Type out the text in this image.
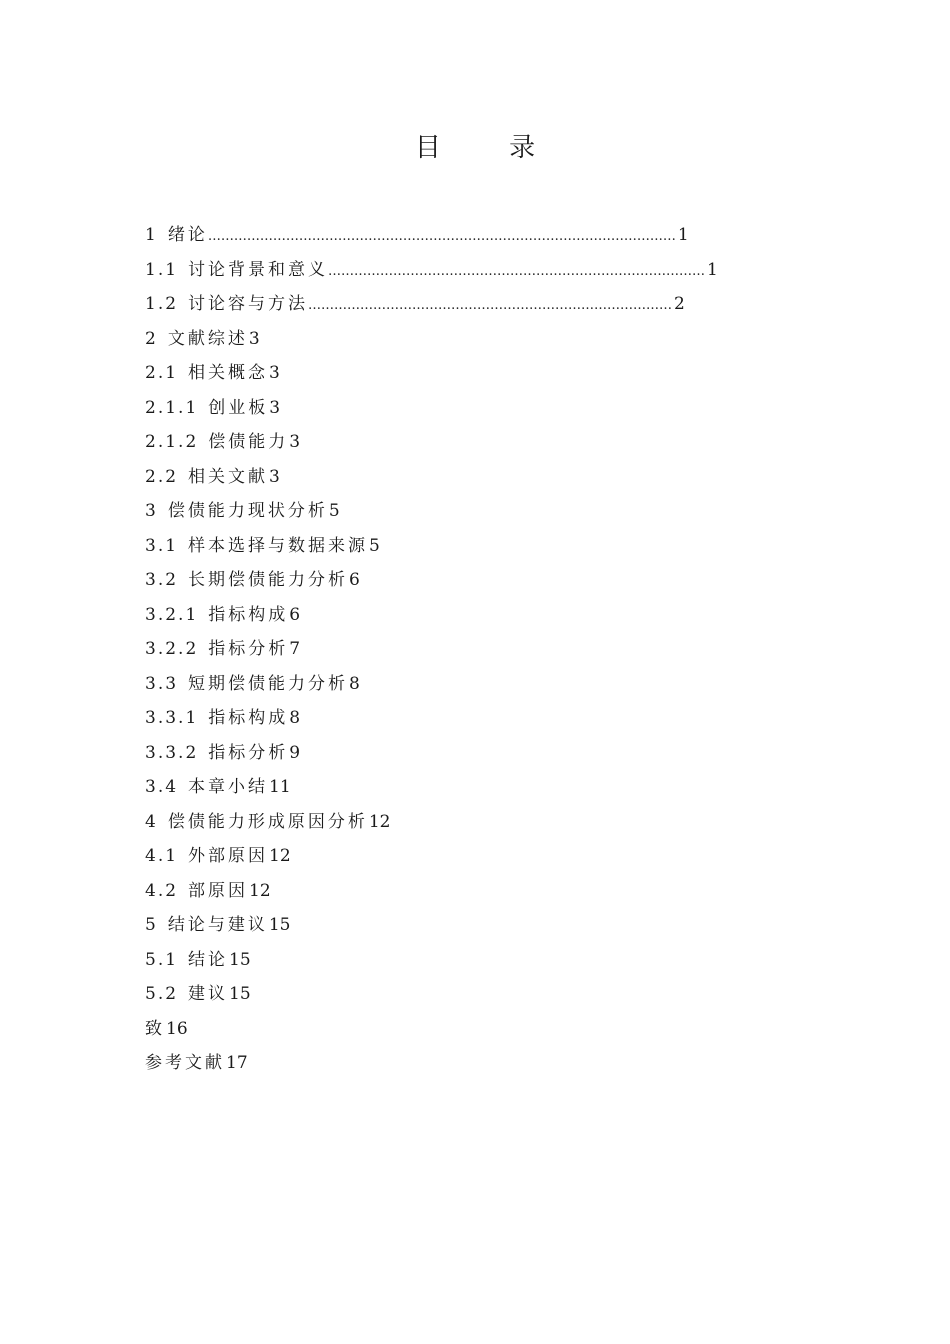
目 录
1 绪论 ……………………………………………………………………………………………… 1
1.1 讨论背景和意义 …………………………………………………………………………… 1
1.2 讨论容与方法 ………………………………………………………………………… 2
2 文献综述 3
2.1 相关概念 3
2.1.1 创业板 3
2.1.2 偿债能力 3
2.2 相关文献 3
3 偿债能力现状分析 5
3.1 样本选择与数据来源 5
3.2 长期偿债能力分析 6
3.2.1 指标构成 6
3.2.2 指标分析 7
3.3 短期偿债能力分析 8
3.3.1 指标构成 8
3.3.2 指标分析 9
3.4 本章小结 11
4 偿债能力形成原因分析 12
4.1 外部原因 12
4.2 部原因 12
5 结论与建议 15
5.1 结论 15
5.2 建议 15
致 16
参考文献 17
